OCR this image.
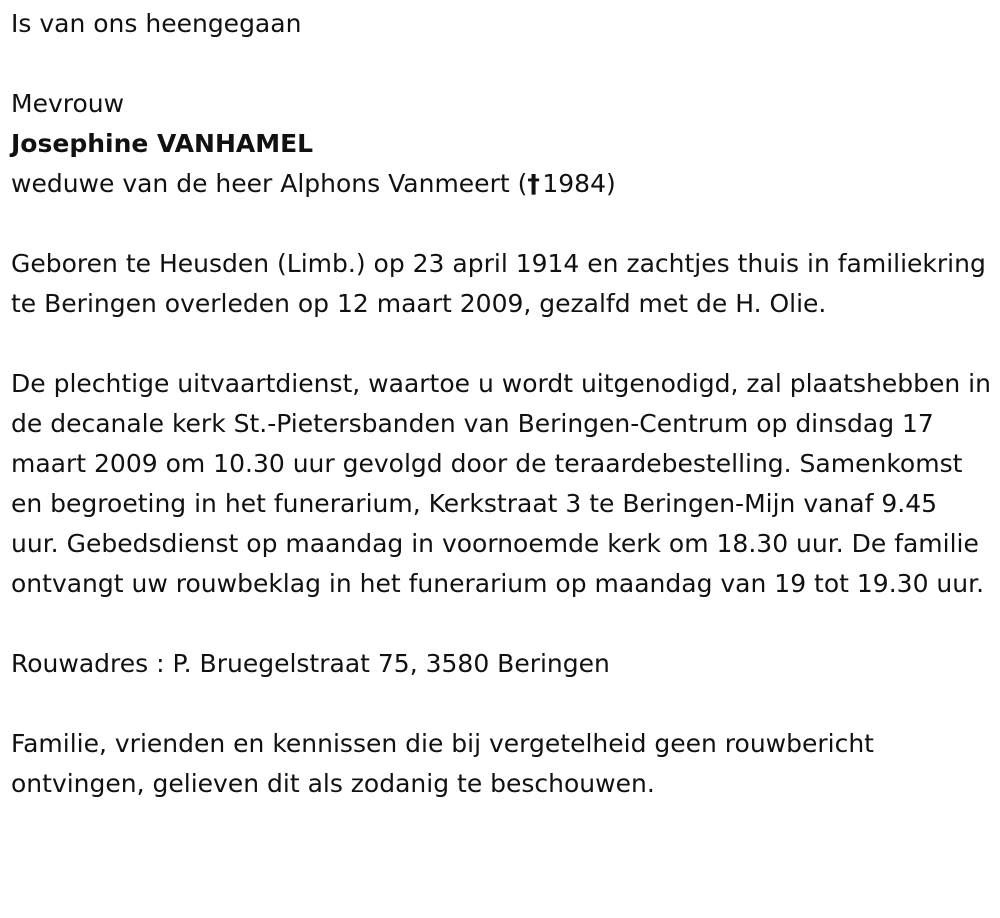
Is van ons heengegaan

Mevrouw

Josephine VANHAMEL

weduwe van de heer Alphons Vanmeert (†  1984)

Geboren te Heusden (Limb.) op 23 april 1914 en zachtjes thuis in familiekring te Beringen overleden op 12 maart 2009, gezalfd met de H. Olie.

De plechtige uitvaartdienst, waartoe u wordt uitgenodigd, zal plaatshebben in de decanale kerk St.-Pietersbanden van Beringen-Centrum op dinsdag 17 maart 2009 om 10.30 uur gevolgd door de teraardebestelling. Samenkomst en begroeting in het funerarium, Kerkstraat 3 te Beringen-Mijn vanaf 9.45 uur. Gebedsdienst op maandag in voornoemde kerk om 18.30 uur. De familie ontvangt uw rouwbeklag in het funerarium op maandag van 19 tot 19.30 uur.

Rouwadres : P. Bruegelstraat 75, 3580 Beringen

Familie, vrienden en kennissen die bij vergetelheid geen rouwbericht ontvingen, gelieven dit als zodanig te beschouwen.
